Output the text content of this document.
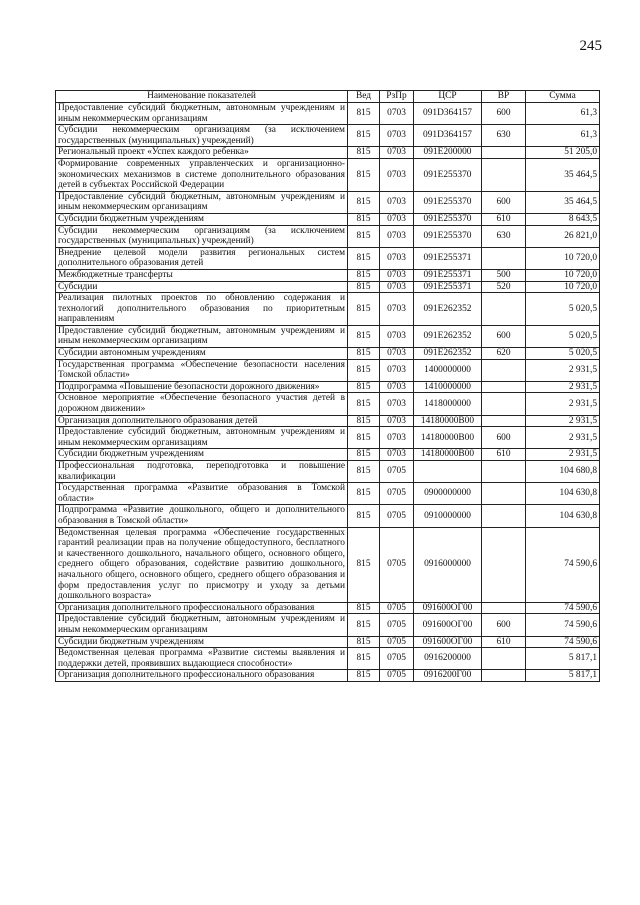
245
Наименование показателей	Вед	РзПр	ЦСР	ВР	Сумма
Предоставление субсидий бюджетным, автономным учреждениям и иным некоммерческим организациям	815	0703	091D364157	600	61,3
Субсидии некоммерческим организациям (за исключением государственных (муниципальных) учреждений)	815	0703	091D364157	630	61,3
Региональный проект «Успех каждого ребенка»	815	0703	091E200000		51 205,0
Формирование современных управленческих и организационно-экономических механизмов в системе дополнительного образования детей в субъектах Российской Федерации	815	0703	091E255370		35 464,5
Предоставление субсидий бюджетным, автономным учреждениям и иным некоммерческим организациям	815	0703	091E255370	600	35 464,5
Субсидии бюджетным учреждениям	815	0703	091E255370	610	8 643,5
Субсидии некоммерческим организациям (за исключением государственных (муниципальных) учреждений)	815	0703	091E255370	630	26 821,0
Внедрение целевой модели развития региональных систем дополнительного образования детей	815	0703	091E255371		10 720,0
Межбюджетные трансферты	815	0703	091E255371	500	10 720,0
Субсидии	815	0703	091E255371	520	10 720,0
Реализация пилотных проектов по обновлению содержания и технологий дополнительного образования по приоритетным направлениям	815	0703	091E262352		5 020,5
Предоставление субсидий бюджетным, автономным учреждениям и иным некоммерческим организациям	815	0703	091E262352	600	5 020,5
Субсидии автономным учреждениям	815	0703	091E262352	620	5 020,5
Государственная программа «Обеспечение безопасности населения Томской области»	815	0703	1400000000		2 931,5
Подпрограмма «Повышение безопасности дорожного движения»	815	0703	1410000000		2 931,5
Основное мероприятие «Обеспечение безопасного участия детей в дорожном движении»	815	0703	1418000000		2 931,5
Организация дополнительного образования детей	815	0703	14180000В00		2 931,5
Предоставление субсидий бюджетным, автономным учреждениям и иным некоммерческим организациям	815	0703	14180000В00	600	2 931,5
Субсидии бюджетным учреждениям	815	0703	14180000В00	610	2 931,5
Профессиональная подготовка, переподготовка и повышение квалификации	815	0705			104 680,8
Государственная программа «Развитие образования в Томской области»	815	0705	0900000000		104 630,8
Подпрограмма «Развитие дошкольного, общего и дополнительного образования в Томской области»	815	0705	0910000000		104 630,8
Ведомственная целевая программа «Обеспечение государственных гарантий реализации прав на получение общедоступного, бесплатного и качественного дошкольного, начального общего, основного общего, среднего общего образования, содействие развитию дошкольного, начального общего, основного общего, среднего общего образования и форм предоставления услуг по присмотру и уходу за детьми дошкольного возраста»	815	0705	0916000000		74 590,6
Организация дополнительного профессионального образования	815	0705	091600ОГ00		74 590,6
Предоставление субсидий бюджетным, автономным учреждениям и иным некоммерческим организациям	815	0705	091600ОГ00	600	74 590,6
Субсидии бюджетным учреждениям	815	0705	091600ОГ00	610	74 590,6
Ведомственная целевая программа «Развитие системы выявления и поддержки детей, проявивших выдающиеся способности»	815	0705	0916200000		5 817,1
Организация дополнительного профессионального образования	815	0705	0916200Г00		5 817,1
